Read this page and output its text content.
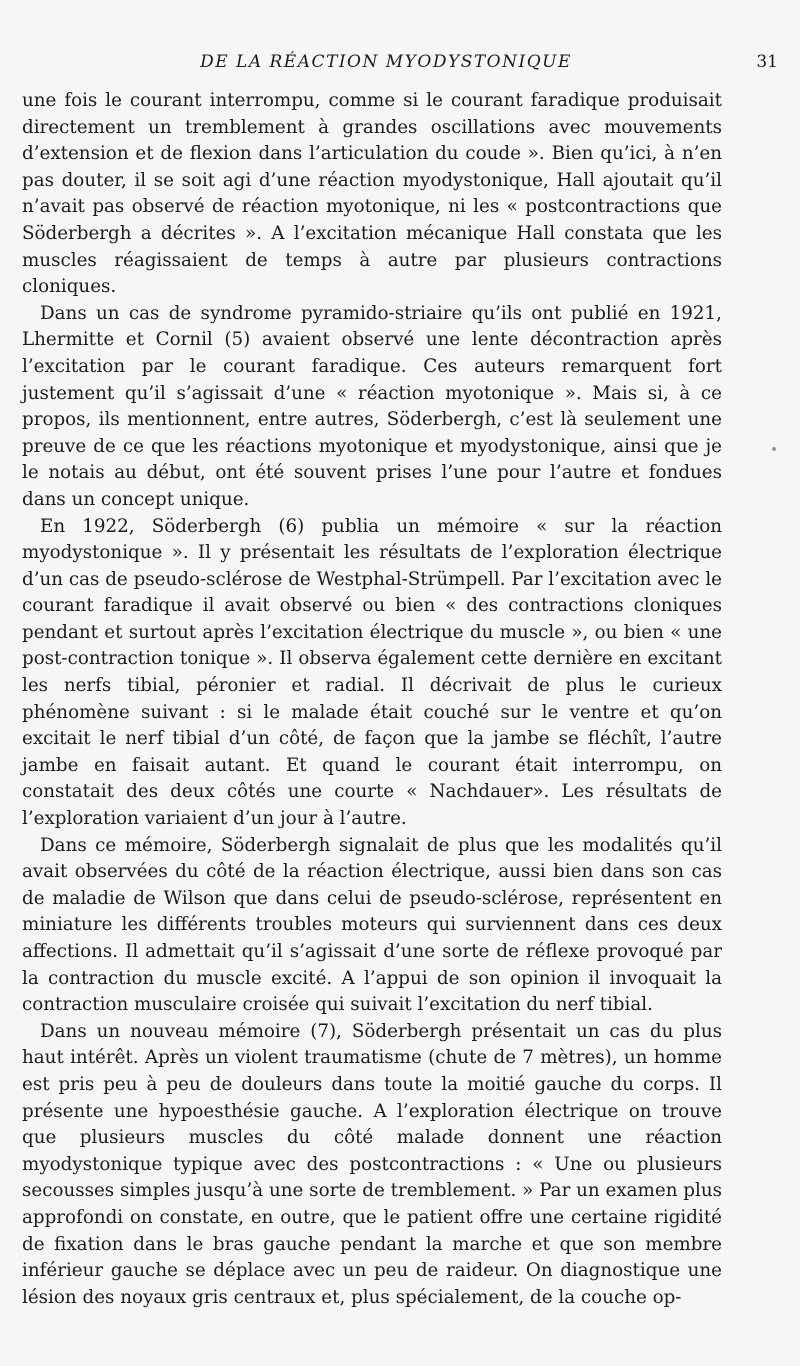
DE LA RÉACTION MYODYSTONIQUE	31

une fois le courant interrompu, comme si le courant faradique produisait directement un tremblement à grandes oscillations avec mouvements d’extension et de flexion dans l’articulation du coude ». Bien qu’ici, à n’en pas douter, il se soit agi d’une réaction myodystonique, Hall ajoutait qu’il n’avait pas observé de réaction myotonique, ni les « postcontractions que Söderbergh a décrites ». A l’excitation mécanique Hall constata que les muscles réagissaient de temps à autre par plusieurs contractions cloniques.

Dans un cas de syndrome pyramido-striaire qu’ils ont publié en 1921, Lhermitte et Cornil (5) avaient observé une lente décontraction après l’excitation par le courant faradique. Ces auteurs remarquent fort justement qu’il s’agissait d’une « réaction myotonique ». Mais si, à ce propos, ils mentionnent, entre autres, Söderbergh, c’est là seulement une preuve de ce que les réactions myotonique et myodystonique, ainsi que je le notais au début, ont été souvent prises l’une pour l’autre et fondues dans un concept unique.

En 1922, Söderbergh (6) publia un mémoire « sur la réaction myodystonique ». Il y présentait les résultats de l’exploration électrique d’un cas de pseudo-sclérose de Westphal-Strümpell. Par l’excitation avec le courant faradique il avait observé ou bien « des contractions cloniques pendant et surtout après l’excitation électrique du muscle », ou bien « une post-contraction tonique ». Il observa également cette dernière en excitant les nerfs tibial, péronier et radial. Il décrivait de plus le curieux phénomène suivant : si le malade était couché sur le ventre et qu’on excitait le nerf tibial d’un côté, de façon que la jambe se fléchît, l’autre jambe en faisait autant. Et quand le courant était interrompu, on constatait des deux côtés une courte « Nachdauer». Les résultats de l’exploration variaient d’un jour à l’autre.

Dans ce mémoire, Söderbergh signalait de plus que les modalités qu’il avait observées du côté de la réaction électrique, aussi bien dans son cas de maladie de Wilson que dans celui de pseudo-sclérose, représentent en miniature les différents troubles moteurs qui surviennent dans ces deux affections. Il admettait qu’il s’agissait d’une sorte de réflexe provoqué par la contraction du muscle excité. A l’appui de son opinion il invoquait la contraction musculaire croisée qui suivait l’excitation du nerf tibial.

Dans un nouveau mémoire (7), Söderbergh présentait un cas du plus haut intérêt. Après un violent traumatisme (chute de 7 mètres), un homme est pris peu à peu de douleurs dans toute la moitié gauche du corps. Il présente une hypoesthésie gauche. A l’exploration électrique on trouve que plusieurs muscles du côté malade donnent une réaction myodystonique typique avec des postcontractions : « Une ou plusieurs secousses simples jusqu’à une sorte de tremblement. » Par un examen plus approfondi on constate, en outre, que le patient offre une certaine rigidité de fixation dans le bras gauche pendant la marche et que son membre inférieur gauche se déplace avec un peu de raideur. On diagnostique une lésion des noyaux gris centraux et, plus spécialement, de la couche op-
